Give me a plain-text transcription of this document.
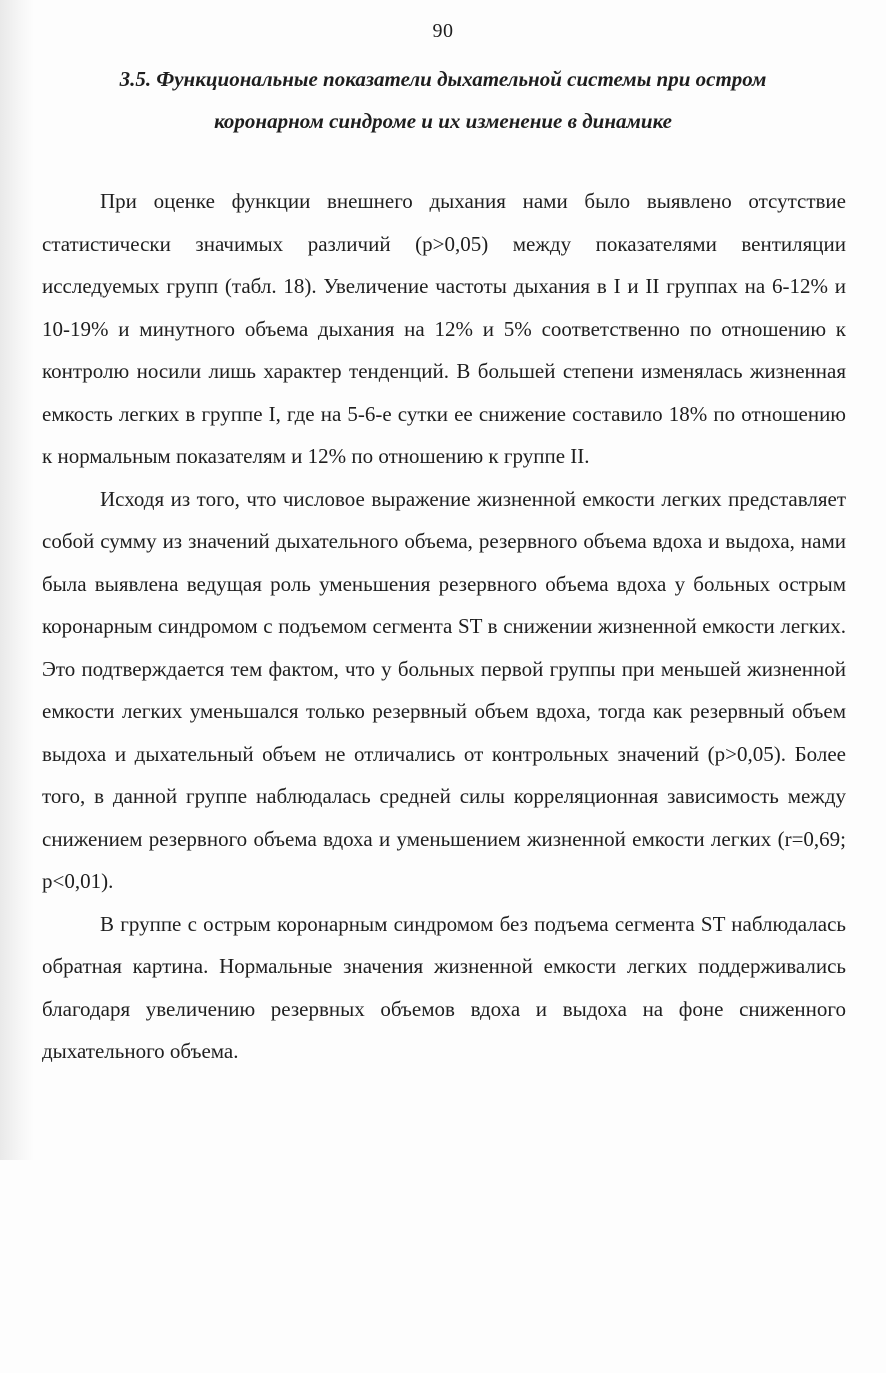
90
3.5. Функциональные показатели дыхательной системы при остром
коронарном синдроме и их изменение в динамике

При оценке функции внешнего дыхания нами было выявлено отсутствие статистически значимых различий (p>0,05) между показателями вентиляции исследуемых групп (табл. 18). Увеличение частоты дыхания в I и II группах на 6-12% и 10-19% и минутного объема дыхания на 12% и 5% соответственно по отношению к контролю носили лишь характер тенденций. В большей степени изменялась жизненная емкость легких в группе I, где на 5-6-е сутки ее снижение составило 18% по отношению к нормальным показателям и 12% по отношению к группе II.

Исходя из того, что числовое выражение жизненной емкости легких представляет собой сумму из значений дыхательного объема, резервного объема вдоха и выдоха, нами была выявлена ведущая роль уменьшения резервного объема вдоха у больных острым коронарным синдромом с подъемом сегмента ST в снижении жизненной емкости легких. Это подтверждается тем фактом, что у больных первой группы при меньшей жизненной емкости легких уменьшался только резервный объем вдоха, тогда как резервный объем выдоха и дыхательный объем не отличались от контрольных значений (p>0,05). Более того, в данной группе наблюдалась средней силы корреляционная зависимость между снижением резервного объема вдоха и уменьшением жизненной емкости легких (r=0,69; p<0,01).

В группе с острым коронарным синдромом без подъема сегмента ST наблюдалась обратная картина. Нормальные значения жизненной емкости легких поддерживались благодаря увеличению резервных объемов вдоха и выдоха на фоне сниженного дыхательного объема.
